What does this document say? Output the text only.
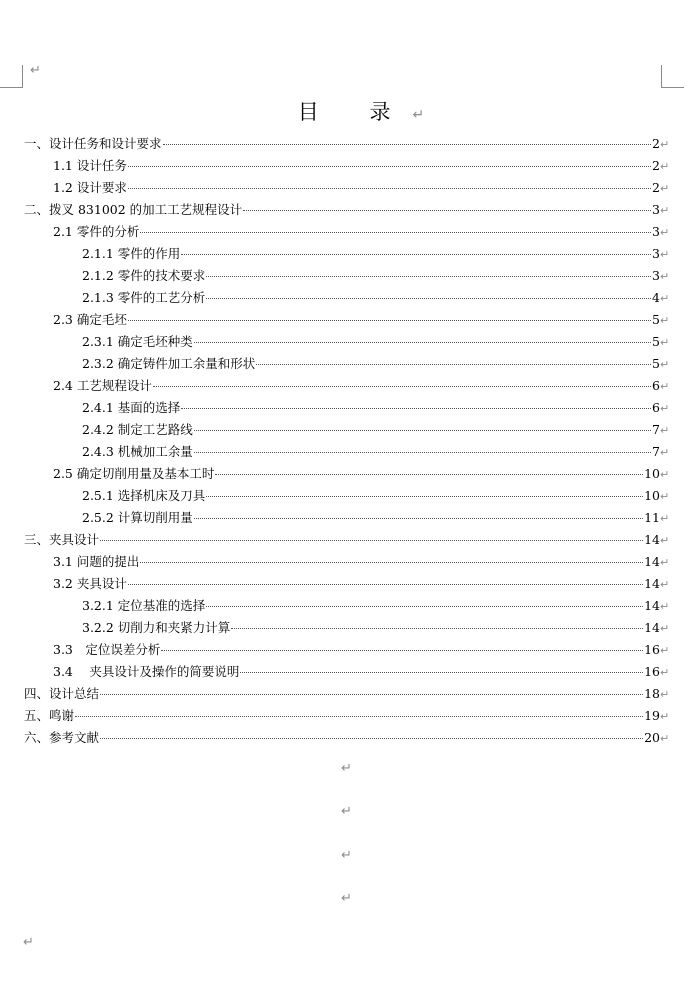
↵
目 录↵
一、设计任务和设计要求	2 ↵
1.1 设计任务	2 ↵
1.2 设计要求	2 ↵
二、拨叉 831002 的加工工艺规程设计	3 ↵
2.1 零件的分析	3 ↵
2.1.1 零件的作用	3 ↵
2.1.2 零件的技术要求	3 ↵
2.1.3 零件的工艺分析	4 ↵
2.3 确定毛坯	5 ↵
2.3.1 确定毛坯种类	5 ↵
2.3.2 确定铸件加工余量和形状	5 ↵
2.4 工艺规程设计	6 ↵
2.4.1 基面的选择	6 ↵
2.4.2 制定工艺路线	7 ↵
2.4.3 机械加工余量	7 ↵
2.5 确定切削用量及基本工时	10 ↵
2.5.1 选择机床及刀具	10 ↵
2.5.2 计算切削用量	11 ↵
三、夹具设计	14 ↵
3.1 问题的提出	14 ↵
3.2 夹具设计	14 ↵
3.2.1 定位基准的选择	14 ↵
3.2.2 切削力和夹紧力计算	14 ↵
3.3　定位误差分析	16 ↵
3.4　 夹具设计及操作的简要说明	16 ↵
四、设计总结	18 ↵
五、鸣谢	19 ↵
六、参考文献	20 ↵
↵
↵
↵
↵
↵
